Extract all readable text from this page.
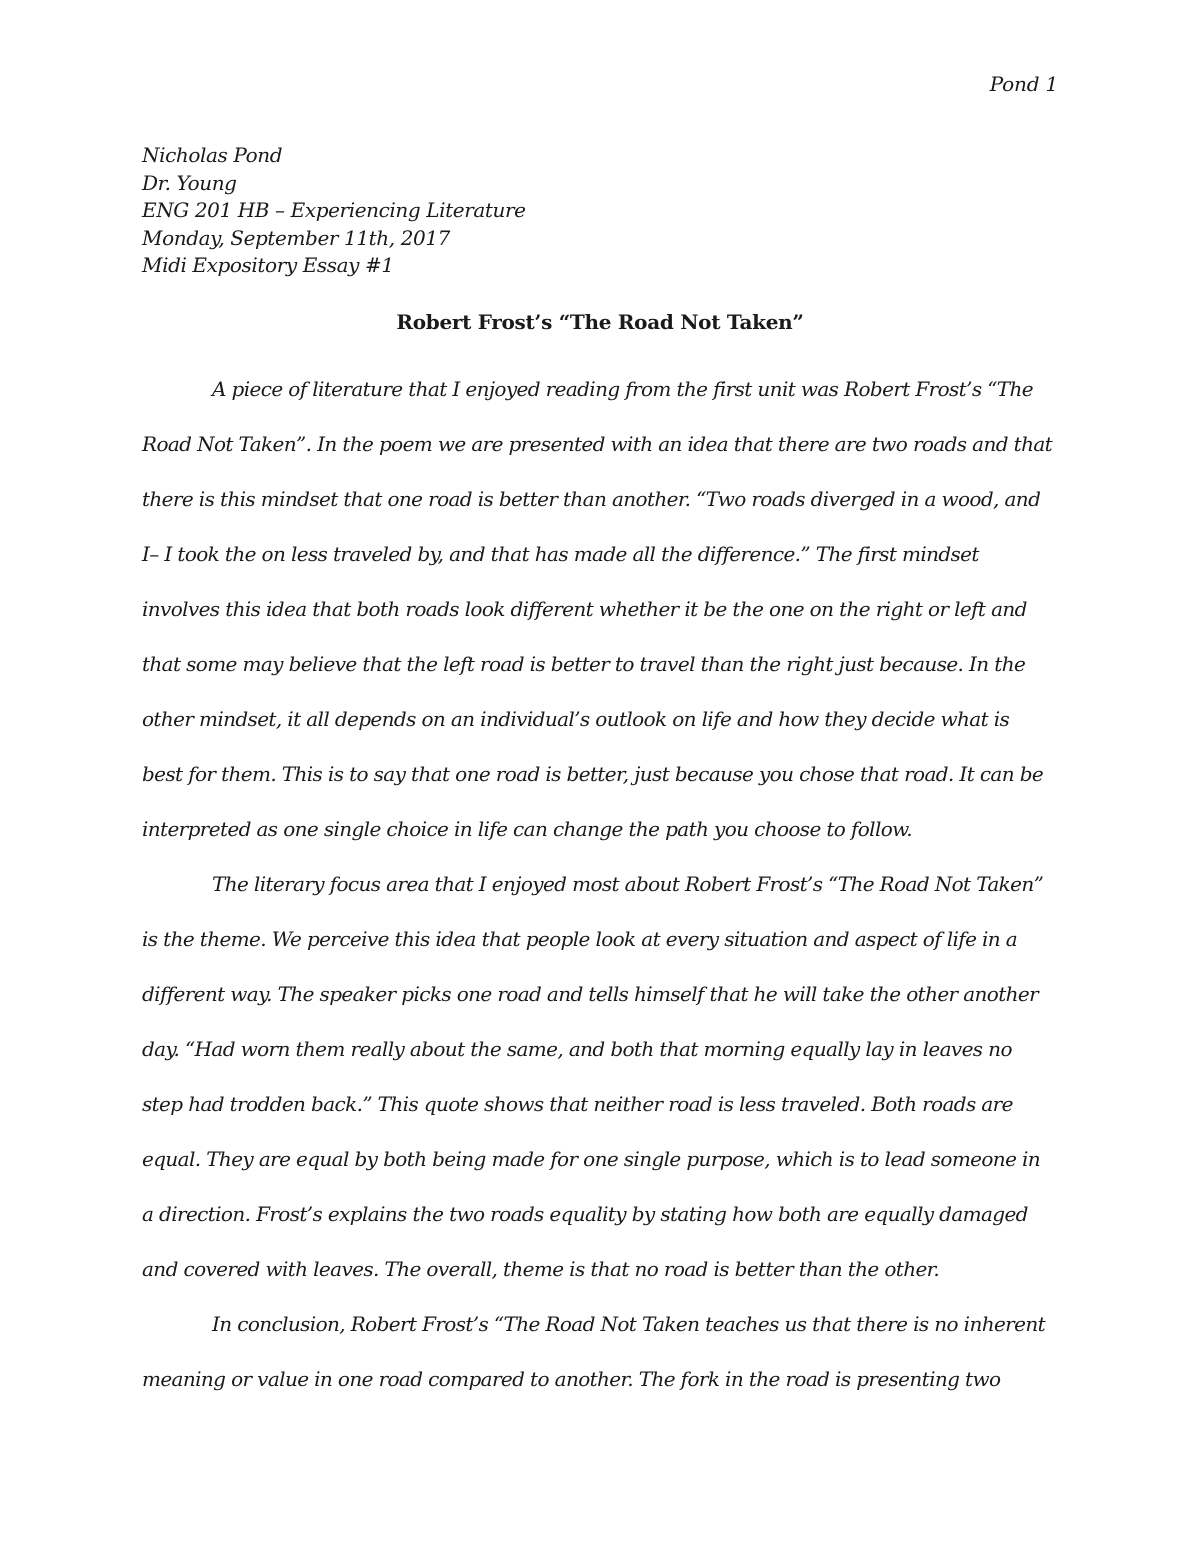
Pond 1
Nicholas Pond
Dr. Young
ENG 201 HB – Experiencing Literature
Monday, September 11th, 2017
Midi Expository Essay #1
Robert Frost’s “The Road Not Taken”
A piece of literature that I enjoyed reading from the first unit was Robert Frost’s “The
Road Not Taken”. In the poem we are presented with an idea that there are two roads and that
there is this mindset that one road is better than another. “Two roads diverged in a wood, and
I– I took the on less traveled by, and that has made all the difference.” The first mindset
involves this idea that both roads look different whether it be the one on the right or left and
that some may believe that the left road is better to travel than the right just because. In the
other mindset, it all depends on an individual’s outlook on life and how they decide what is
best for them. This is to say that one road is better, just because you chose that road. It can be
interpreted as one single choice in life can change the path you choose to follow.
The literary focus area that I enjoyed most about Robert Frost’s “The Road Not Taken”
is the theme. We perceive this idea that people look at every situation and aspect of life in a
different way. The speaker picks one road and tells himself that he will take the other another
day. “Had worn them really about the same, and both that morning equally lay in leaves no
step had trodden back.” This quote shows that neither road is less traveled. Both roads are
equal. They are equal by both being made for one single purpose, which is to lead someone in
a direction. Frost’s explains the two roads equality by stating how both are equally damaged
and covered with leaves. The overall, theme is that no road is better than the other.
In conclusion, Robert Frost’s “The Road Not Taken teaches us that there is no inherent
meaning or value in one road compared to another. The fork in the road is presenting two
